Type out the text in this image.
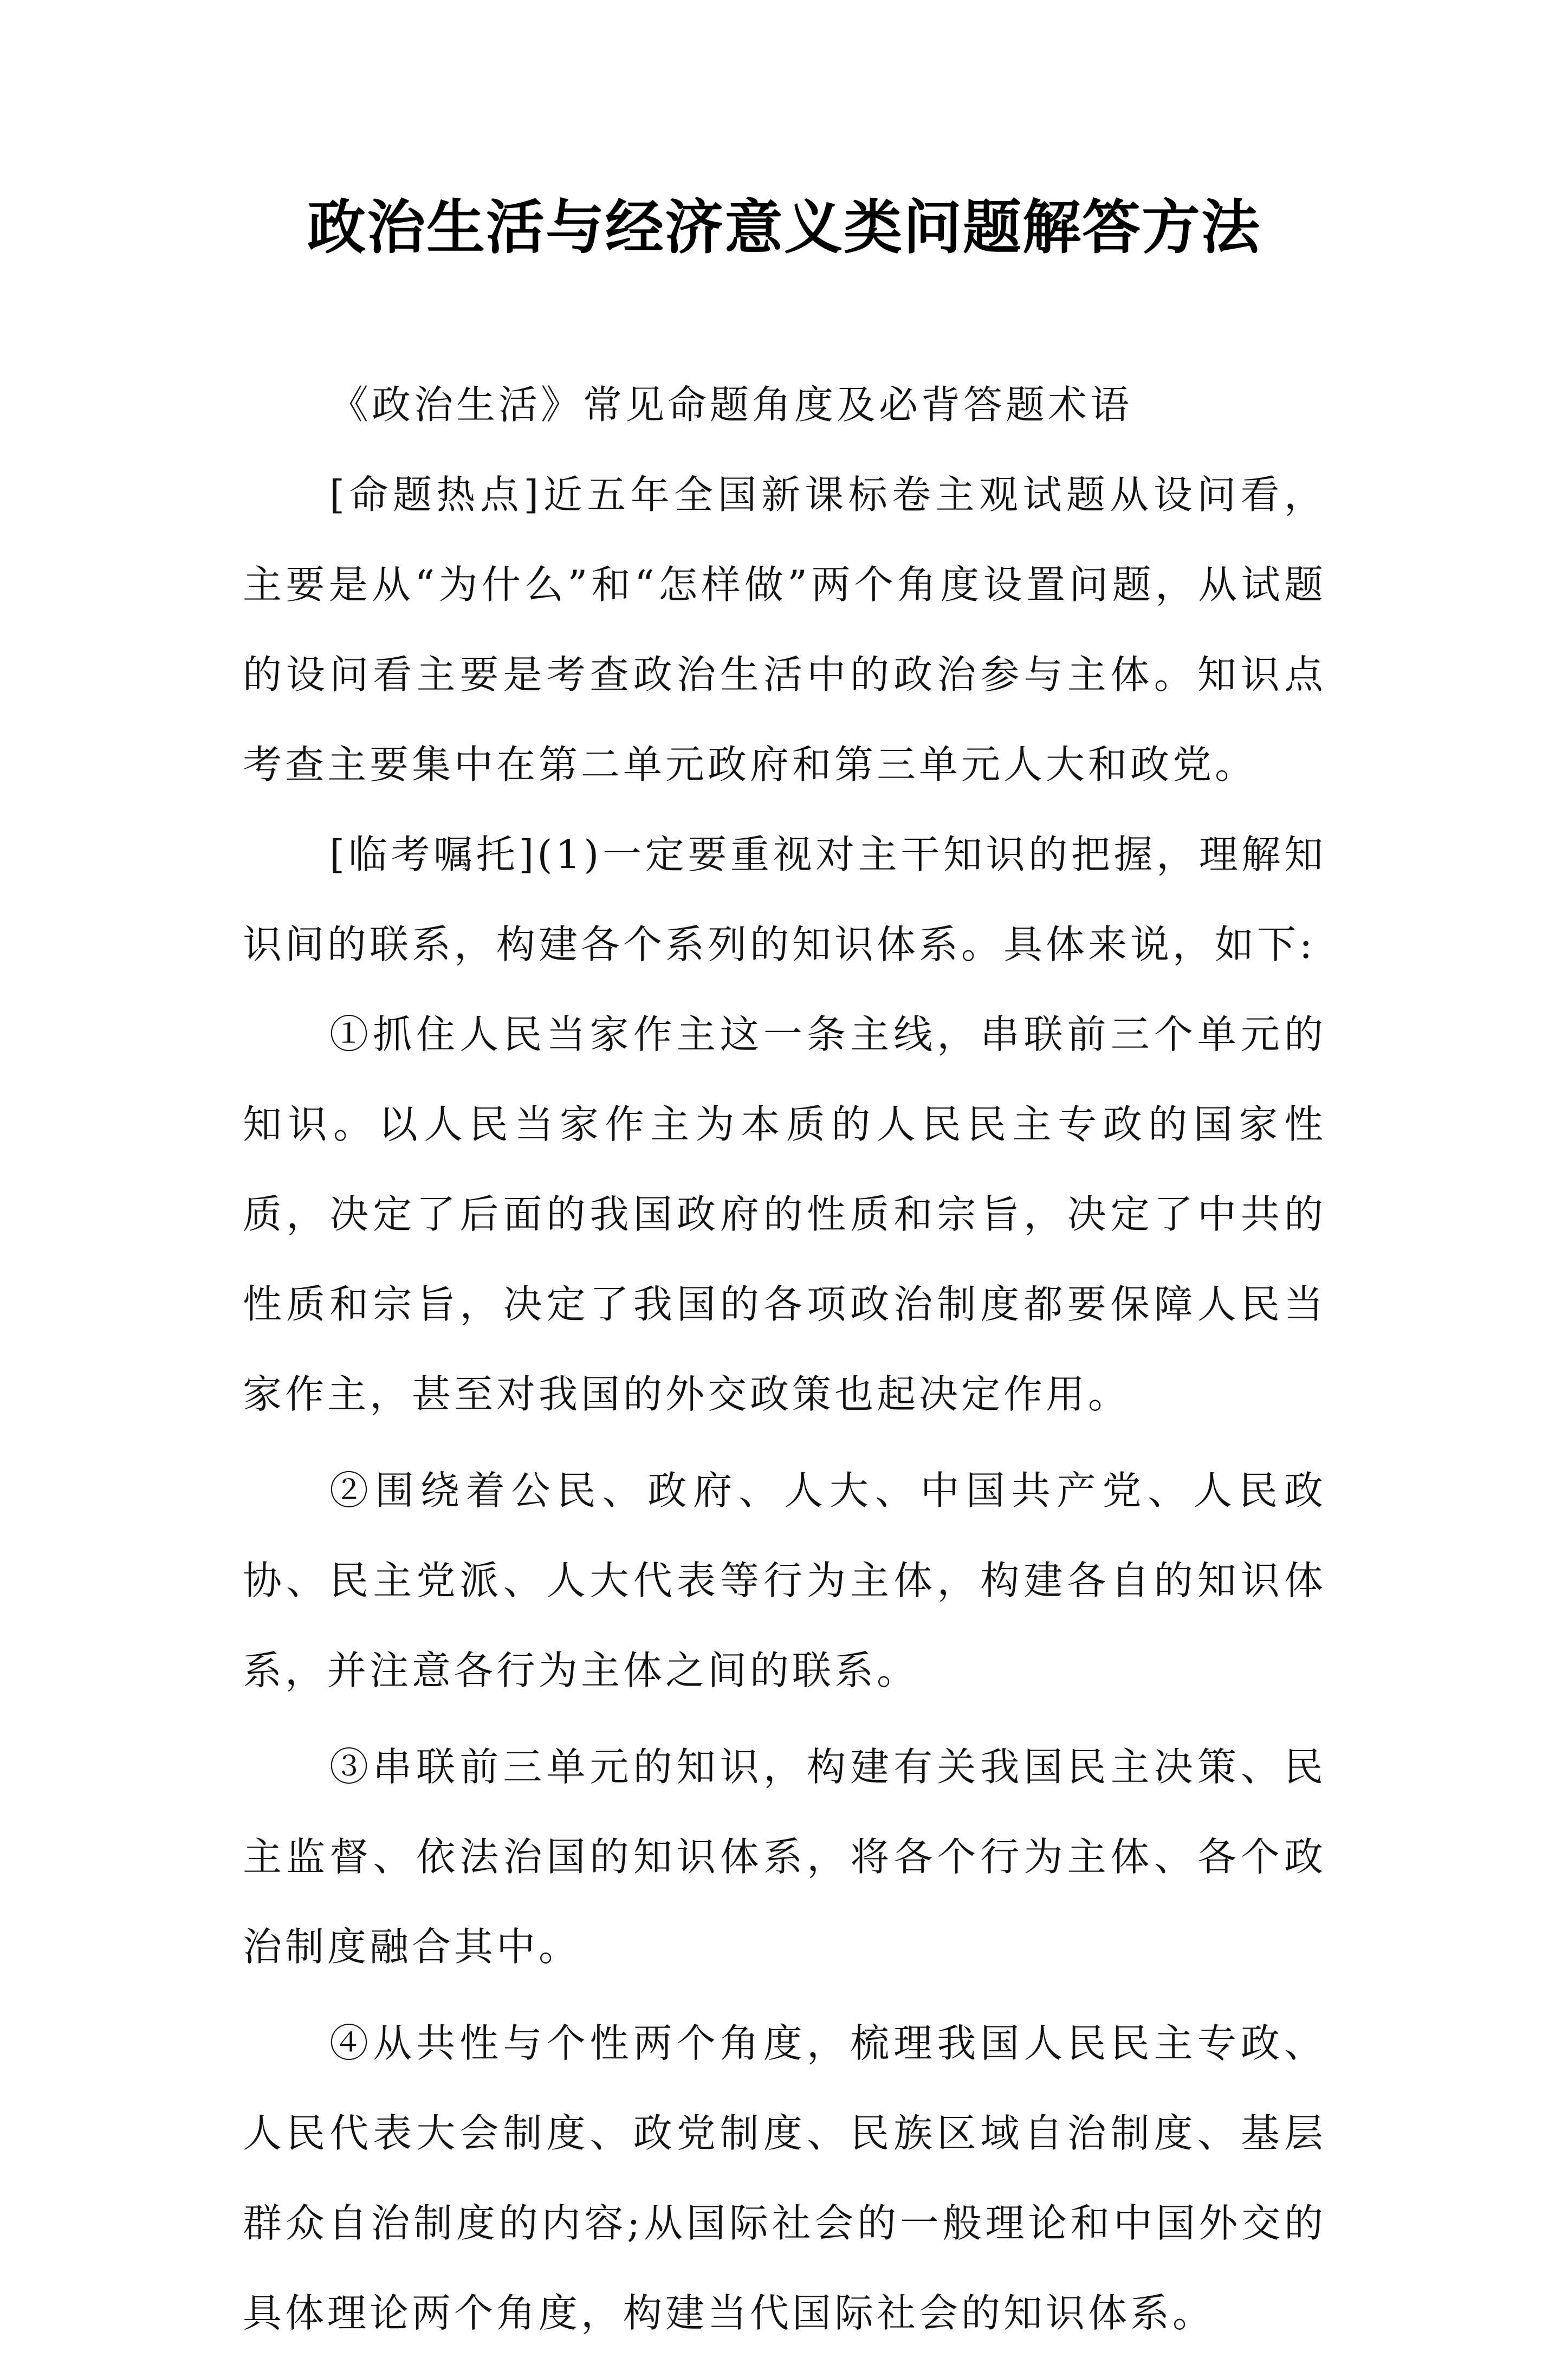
政治生活与经济意义类问题解答方法

《政治生活》常见命题角度及必背答题术语

[命题热点]近五年全国新课标卷主观试题从设问看，主要是从“为什么”和“怎样做”两个角度设置问题，从试题的设问看主要是考查政治生活中的政治参与主体。知识点考查主要集中在第二单元政府和第三单元人大和政党。

[临考嘱托](1)一定要重视对主干知识的把握，理解知识间的联系，构建各个系列的知识体系。具体来说，如下:

①抓住人民当家作主这一条主线，串联前三个单元的知识。以人民当家作主为本质的人民民主专政的国家性质，决定了后面的我国政府的性质和宗旨，决定了中共的性质和宗旨，决定了我国的各项政治制度都要保障人民当家作主，甚至对我国的外交政策也起决定作用。

②围绕着公民、政府、人大、中国共产党、人民政协、民主党派、人大代表等行为主体，构建各自的知识体系，并注意各行为主体之间的联系。

③串联前三单元的知识，构建有关我国民主决策、民主监督、依法治国的知识体系，将各个行为主体、各个政治制度融合其中。

④从共性与个性两个角度，梳理我国人民民主专政、人民代表大会制度、政党制度、民族区域自治制度、基层群众自治制度的内容;从国际社会的一般理论和中国外交的具体理论两个角度，构建当代国际社会的知识体系。
